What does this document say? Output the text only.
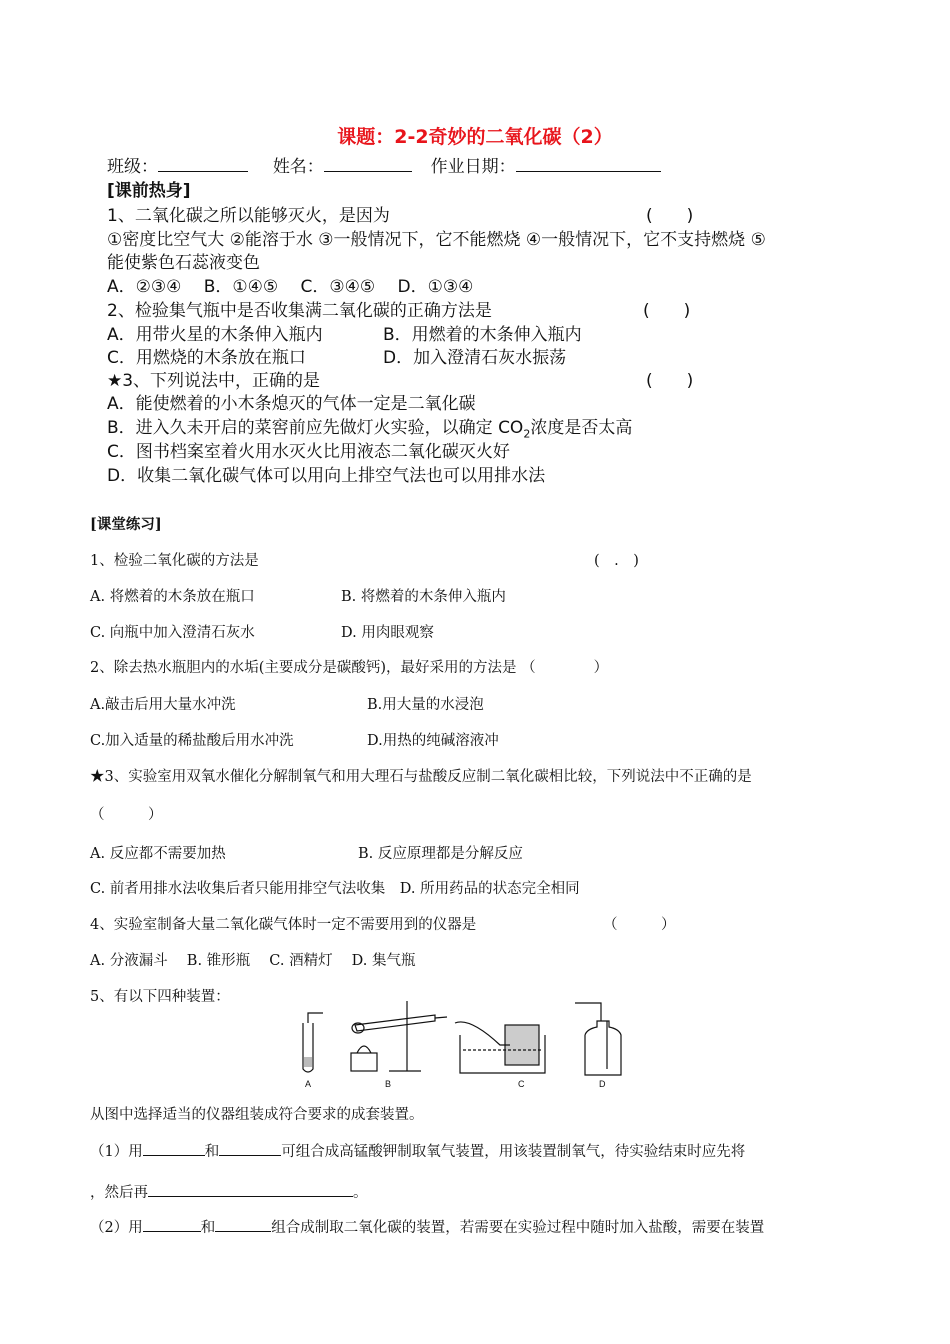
课题：2-2奇妙的二氧化碳（2）
班级：	姓名：	作业日期：
[课前热身]
1、二氧化碳之所以能够灭火，是因为	(　　)
①密度比空气大 ②能溶于水 ③一般情况下，它不能燃烧 ④一般情况下，它不支持燃烧 ⑤
能使紫色石蕊液变色
A．②③④　 B．①④⑤　 C．③④⑤　 D．①③④
2、检验集气瓶中是否收集满二氧化碳的正确方法是	(　　)
A．用带火星的木条伸入瓶内	B．用燃着的木条伸入瓶内
C．用燃烧的木条放在瓶口	D．加入澄清石灰水振荡
★3、下列说法中，正确的是	(　　)
A．能使燃着的小木条熄灭的气体一定是二氧化碳
B．进入久未开启的菜窖前应先做灯火实验，以确定 $CO_2$浓度是否太高
C．图书档案室着火用水灭火比用液态二氧化碳灭火好
D．收集二氧化碳气体可以用向上排空气法也可以用排水法
[课堂练习]
1、检验二氧化碳的方法是	(　.　)
A. 将燃着的木条放在瓶口	B. 将燃着的木条伸入瓶内
C. 向瓶中加入澄清石灰水	D. 用肉眼观察
2、除去热水瓶胆内的水垢(主要成分是碳酸钙)，最好采用的方法是 （　　　　）
A.敲击后用大量水冲洗	B.用大量的水浸泡
C.加入适量的稀盐酸后用水冲洗	D.用热的纯碱溶液冲
★3、实验室用双氧水催化分解制氧气和用大理石与盐酸反应制二氧化碳相比较，下列说法中不正确的是
（　　　）
A. 反应都不需要加热	B. 反应原理都是分解反应
C. 前者用排水法收集后者只能用排空气法收集　D. 所用药品的状态完全相同
4、实验室制备大量二氧化碳气体时一定不需要用到的仪器是	（　　　）
A. 分液漏斗　 B. 锥形瓶　 C. 酒精灯　 D. 集气瓶
5、有以下四种装置：
A	B	C	D
从图中选择适当的仪器组装成符合要求的成套装置。
（1）用	和	可组合成高锰酸钾制取氧气装置，用该装置制氧气，待实验结束时应先将
，然后再	。
（2）用	和	组合成制取二氧化碳的装置，若需要在实验过程中随时加入盐酸，需要在装置
